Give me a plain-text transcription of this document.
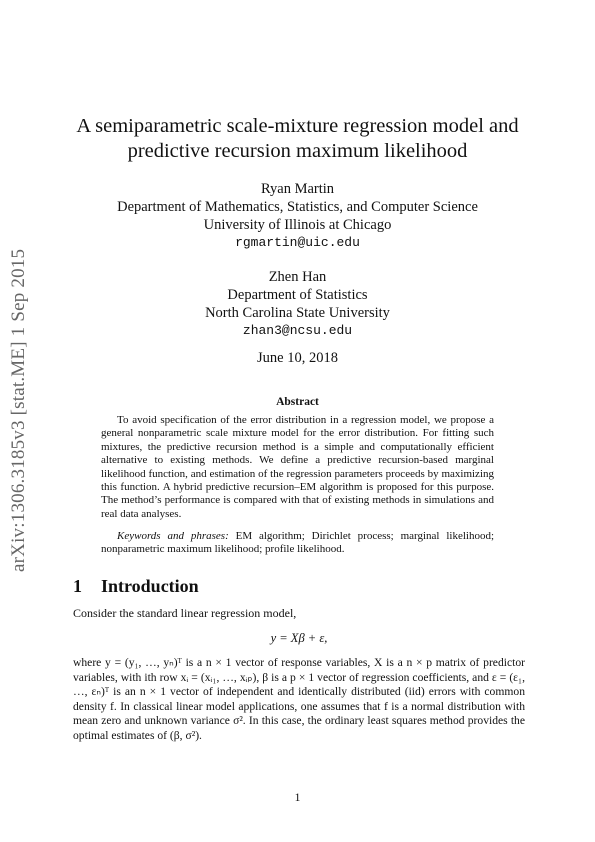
arXiv:1306.3185v3 [stat.ME] 1 Sep 2015
A semiparametric scale-mixture regression model and
predictive recursion maximum likelihood
Ryan Martin
Department of Mathematics, Statistics, and Computer Science
University of Illinois at Chicago
rgmartin@uic.edu
Zhen Han
Department of Statistics
North Carolina State University
zhan3@ncsu.edu
June 10, 2018
Abstract
To avoid specification of the error distribution in a regression model, we propose a general nonparametric scale mixture model for the error distribution. For fitting such mixtures, the predictive recursion method is a simple and computationally efficient alternative to existing methods. We define a predictive recursion-based marginal likelihood function, and estimation of the regression parameters proceeds by maximizing this function. A hybrid predictive recursion–EM algorithm is proposed for this purpose. The method’s performance is compared with that of existing methods in simulations and real data analyses.
Keywords and phrases: EM algorithm; Dirichlet process; marginal likelihood; nonparametric maximum likelihood; profile likelihood.
1 Introduction
Consider the standard linear regression model,
y = Xβ + ε,
where y = (y₁, …, yₙ)ᵀ is a n × 1 vector of response variables, X is a n × p matrix of predictor variables, with ith row xᵢ = (xᵢ₁, …, xᵢₚ), β is a p × 1 vector of regression coefficients, and ε = (ε₁, …, εₙ)ᵀ is an n × 1 vector of independent and identically distributed (iid) errors with common density f. In classical linear model applications, one assumes that f is a normal distribution with mean zero and unknown variance σ². In this case, the ordinary least squares method provides the optimal estimates of (β, σ²).
1
